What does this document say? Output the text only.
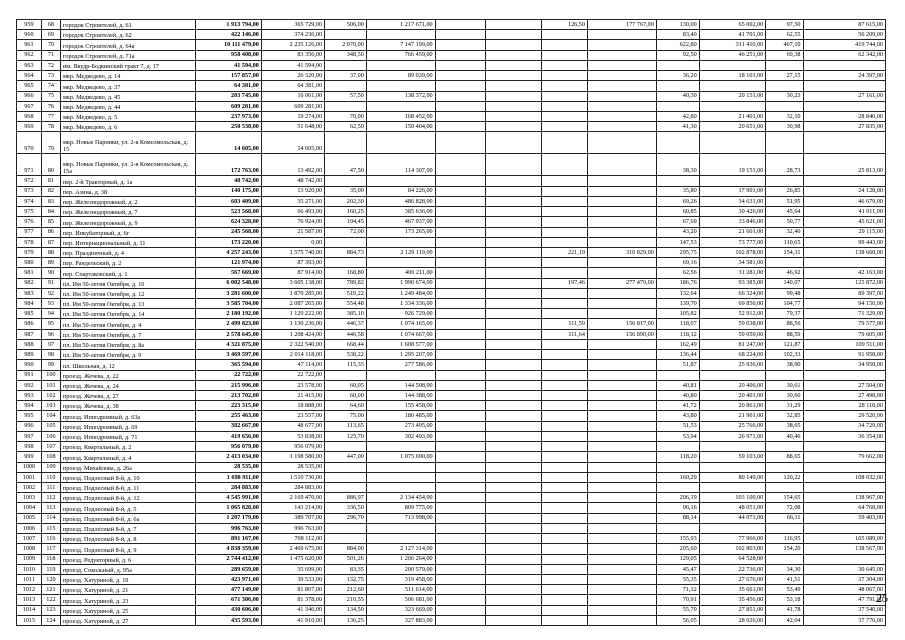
959	68	городок Строителей, д. 61	1 913 794,00	365 729,00	506,00	1 217 671,00			126,50	177 767,00	130,00	65 002,00	97,50	87 615,00
960	69	городок Строителей, д. 62	422 146,00	374 236,00							83,40	41 701,00	62,55	56 209,00
961	70	городок Строителей, д. 64а	10 111 479,00	2 235 126,00	2 970,00	7 147 199,00					622,80	311 410,00	467,10	419 744,00
962	71	городок Строителей, д. 71а	958 408,00	83 356,00	348,50	766 459,00					92,50	46 251,00	69,38	62 342,00
963	72	им. Якудр-Бодкинский тракт 7, д. 17	41 594,00	41 594,00										
964	73	мкр. Медведево, д. 14	157 857,00	26 320,00	37,00	89 039,00					36,20	18 101,00	27,15	24 397,00
965	74	мкр. Медведево, д. 37	64 381,00	64 381,00										
966	75	мкр. Медведево, д. 45	203 745,00	16 061,00	57,50	138 372,00					40,30	20 151,00	30,23	27 161,00
967	76	мкр. Медведево, д. 44	609 281,00	609 281,00										
968	77	мкр. Медведево, д. 5	237 973,00	19 274,00	70,00	168 452,00					42,80	21 401,00	32,10	28 846,00
969	78	мкр. Медведево, д. 6	250 538,00	51 648,00	62,50	150 404,00					41,30	20 651,00	30,98	27 835,00
970	79	мкр. Новые Парники, ул. 2-я Комсомольская, д. 15	14 605,00	14 605,00										
971	80	мкр. Новые Парники, ул. 2-я Комсомольская, д. 15а	172 763,00	13 492,00	47,50	114 307,00					38,30	19 151,00	28,73	25 813,00
972	81	пер. 2-й Тракторный, д. 1а	48 742,00	48 742,00										
973	82	пер. Азина, д. 38	140 175,00	13 920,00	35,00	84 226,00					35,80	17 901,00	26,85	24 128,00
974	83	пер. Железнодорожный, д. 2	603 409,00	35 271,00	202,30	486 828,00					69,26	34 631,00	51,95	46 679,00
975	84	пер. Железнодорожный, д. 7	523 568,00	66 493,00	160,25	385 636,00					60,85	30 426,00	45,64	41 011,00
976	85	пер. Железнодорожный, д. 9	624 328,00	76 924,00	194,45	467 937,00					67,69	33 846,00	50,77	45 621,00
977	86	пер. Инкубаторный, д. 6г	245 568,00	21 587,00	72,00	173 265,00					43,20	21 601,00	32,40	29 115,00
978	87	пер. Интернациональный, д. 11	173 220,00	0,00							147,53	73 777,00	110,65	99 443,00
979	88	пер. Праздничный, д. 4	4 257 243,00	1 575 740,00	884,73	2 129 119,00			221,19	310 829,00	295,75	102 878,00	154,31	138 668,00
980	89	пер. Рандельский, д. 2	121 974,00	87 393,00							69,16	34 581,00		
981	90	пер. Спартаковский, д. 1	567 669,00	87 914,00	168,80	406 211,00					62,56	31 281,00	46,92	42 163,00
982	91	пл. Им 50-летия Октября, д. 10	6 002 548,00	3 605 138,00	789,82	1 990 674,00			197,46	277 479,00	186,76	93 385,00	140,07	125 872,00
983	92	пл. Им 50-летия Октября, д. 12	3 281 600,00	1 870 285,00	519,22	1 249 484,00					132,64	66 324,00	99,48	89 397,00
984	93	пл. Им 50-летия Октября, д. 13	3 585 704,00	2 087 265,00	554,48	1 334 336,00					139,70	69 850,00	104,77	94 150,00
985	94	пл. Им 50-летия Октября, д. 14	2 180 192,00	1 129 222,00	385,10	926 729,00					105,82	52 912,00	79,37	71 329,00
986	95	пл. Им 50-летия Октября, д. 4	2 499 823,00	1 130 236,00	446,37	1 074 165,00			111,59	156 817,00	118,07	59 038,00	88,56	79 577,00
987	96	пл. Им 50-летия Октября, д. 7	2 578 645,00	1 208 424,00	446,58	1 074 667,00			111,64	156 890,00	118,12	59 059,00	88,59	79 605,00
988	97	пл. Им 50-летия Октября, д. 8а	4 321 875,00	2 322 540,00	668,44	1 608 577,00					162,49	81 247,00	121,87	109 511,00
989	98	пл. Им 50-летия Октября, д. 9	3 469 597,00	2 014 118,00	538,22	1 295 207,00					136,44	68 224,00	102,33	91 958,00
990	99	пл. Школьная, д. 12	365 594,00	47 114,00	115,35	277 586,00					51,87	25 936,00	38,90	34 958,00
991	100	проезд. Жечева, д. 22	22 722,00	22 722,00										
992	101	проезд. Жечева, д. 24	215 996,00	23 578,00	60,05	144 508,00					40,81	20 406,00	30,61	27 504,00
993	102	проезд. Жечева, д. 27	213 702,00	21 415,00	60,00	144 388,00					40,80	20 401,00	30,60	27 498,00
994	103	проезд. Жечева, д. 38	223 315,00	18 888,00	64,60	155 458,00					41,72	20 861,00	31,29	28 118,00
995	104	проезд. Ипподромный, д. 63а	255 463,00	23 557,00	75,00	180 485,00					43,80	21 901,00	32,85	29 520,00
996	105	проезд. Ипподромный, д. 69	382 667,00	48 677,00	113,65	273 495,00					51,53	25 766,00	38,65	34 729,00
997	106	проезд. Ипподромный, д. 71	419 656,00	53 838,00	125,70	302 493,00					53,94	26 971,00	40,46	36 354,00
998	107	проезд. Квартальный, д. 2	956 079,00	956 079,00										
999	108	проезд. Квартальный, д. 4	2 413 034,00	1 198 580,00	447,00	1 075 690,00					118,20	59 103,00	88,65	79 662,00
1000	109	проезд. Михайлова, д. 26а	28 535,00	28 535,00										
1001	110	проезд. Подлесный 8-й, д. 10	1 698 911,00	1 510 730,00							160,29	80 149,00	120,22	108 032,00
1002	111	проезд. Подлесный 8-й, д. 11	284 883,00	284 883,00										
1003	112	проезд. Подлесный 8-й, д. 12	4 545 991,00	2 169 470,00	886,97	2 134 454,00					206,19	103 100,00	154,65	138 967,00
1004	113	проезд. Подлесный 8-й, д. 5	1 065 828,00	143 214,00	336,50	809 775,00					96,16	48 051,00	72,08	64 768,00
1005	114	проезд. Подлесный 8-й, д. 6а	1 207 179,00	389 707,00	296,70	713 998,00					88,14	44 071,00	66,11	59 403,00
1006	115	проезд. Подлесный 8-й, д. 7	996 763,00	996 763,00										
1007	116	проезд. Подлесный 8-й, д. 8	891 167,00	708 112,00							155,93	77 966,00	116,95	105 089,00
1008	117	проезд. Подлесный 8-й, д. 9	4 838 359,00	2 469 675,00	884,00	2 127 314,00					205,60	102 803,00	154,20	138 567,00
1009	118	проезд. Редукторный, д. 6	2 744 412,00	1 475 620,00	501,26	1 206 264,00					129,05	64 528,00		
1010	119	проезд. Сокольный, д. 95а	289 659,00	35 699,00	83,35	200 579,00					45,47	22 736,00	34,30	30 645,00
1011	120	проезд. Хатуриной, д. 19	423 971,00	39 533,00	132,75	319 458,00					55,35	27 676,00	41,51	37 304,00
1012	121	проезд. Хатуриной, д. 21	477 149,00	81 807,00	212,60	511 614,00					71,32	35 661,00	53,49	48 067,00
1013	122	проезд. Хатуриной, д. 23	671 306,00	81 378,00	210,55	506 681,00					70,91	35 456,00	53,18	47 791,00
1014	123	проезд. Хатуриной, д. 25	430 606,00	41 346,00	134,50	323 669,00					55,70	27 851,00	41,78	37 540,00
1015	124	проезд. Хатуриной, д. 27	435 593,00	41 910,00	136,25	327 883,00					56,05	28 026,00	42,04	37 776,00
25
